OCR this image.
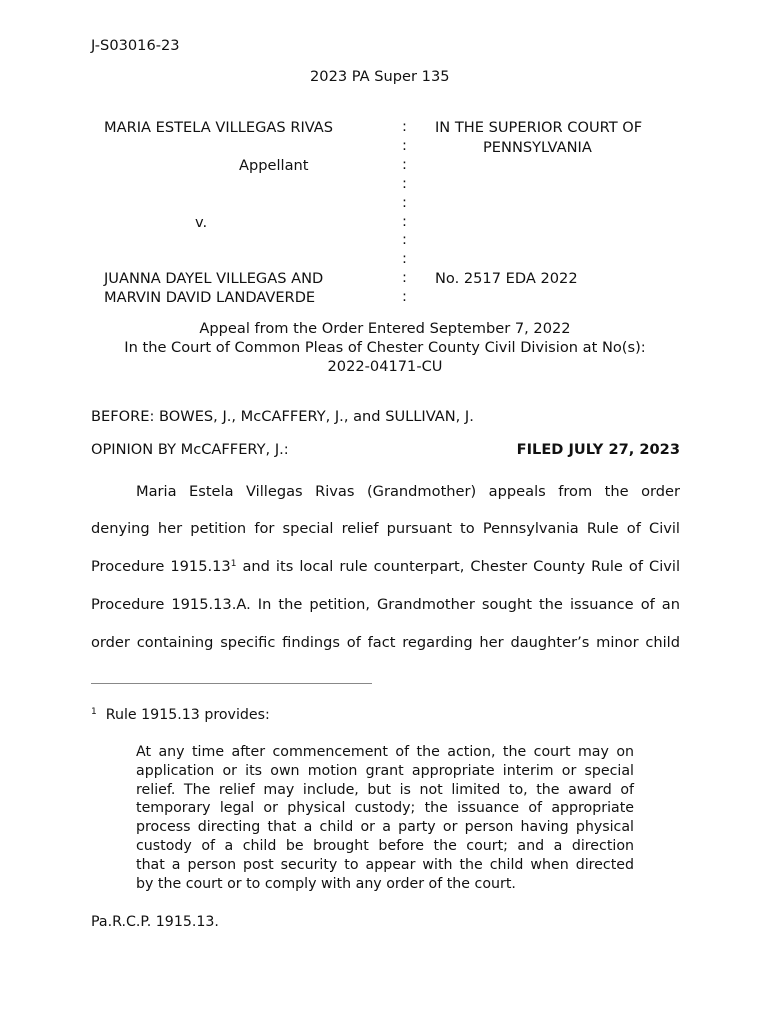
J-S03016-23
2023 PA Super 135
MARIA ESTELA VILLEGAS RIVAS
Appellant
v.
JUANNA DAYEL VILLEGAS AND
MARVIN DAVID LANDAVERDE
:
:
:
:
:
:
:
:
:
:
IN THE SUPERIOR COURT OF
PENNSYLVANIA
No. 2517 EDA 2022
Appeal from the Order Entered September 7, 2022
In the Court of Common Pleas of Chester County Civil Division at No(s):
2022-04171-CU
BEFORE: BOWES, J., McCAFFERY, J., and SULLIVAN, J.
OPINION BY McCAFFERY, J.:	FILED JULY 27, 2023
Maria Estela Villegas Rivas (Grandmother) appeals from the order
denying her petition for special relief pursuant to Pennsylvania Rule of Civil
Procedure 1915.13$^1$ and its local rule counterpart, Chester County Rule of Civil
Procedure 1915.13.A. In the petition, Grandmother sought the issuance of an
order containing specific findings of fact regarding her daughter’s minor child
$^1$ Rule 1915.13 provides:
At any time after commencement of the action, the court may on
application or its own motion grant appropriate interim or special
relief. The relief may include, but is not limited to, the award of
temporary legal or physical custody; the issuance of appropriate
process directing that a child or a party or person having physical
custody of a child be brought before the court; and a direction
that a person post security to appear with the child when directed
by the court or to comply with any order of the court.
Pa.R.C.P. 1915.13.
